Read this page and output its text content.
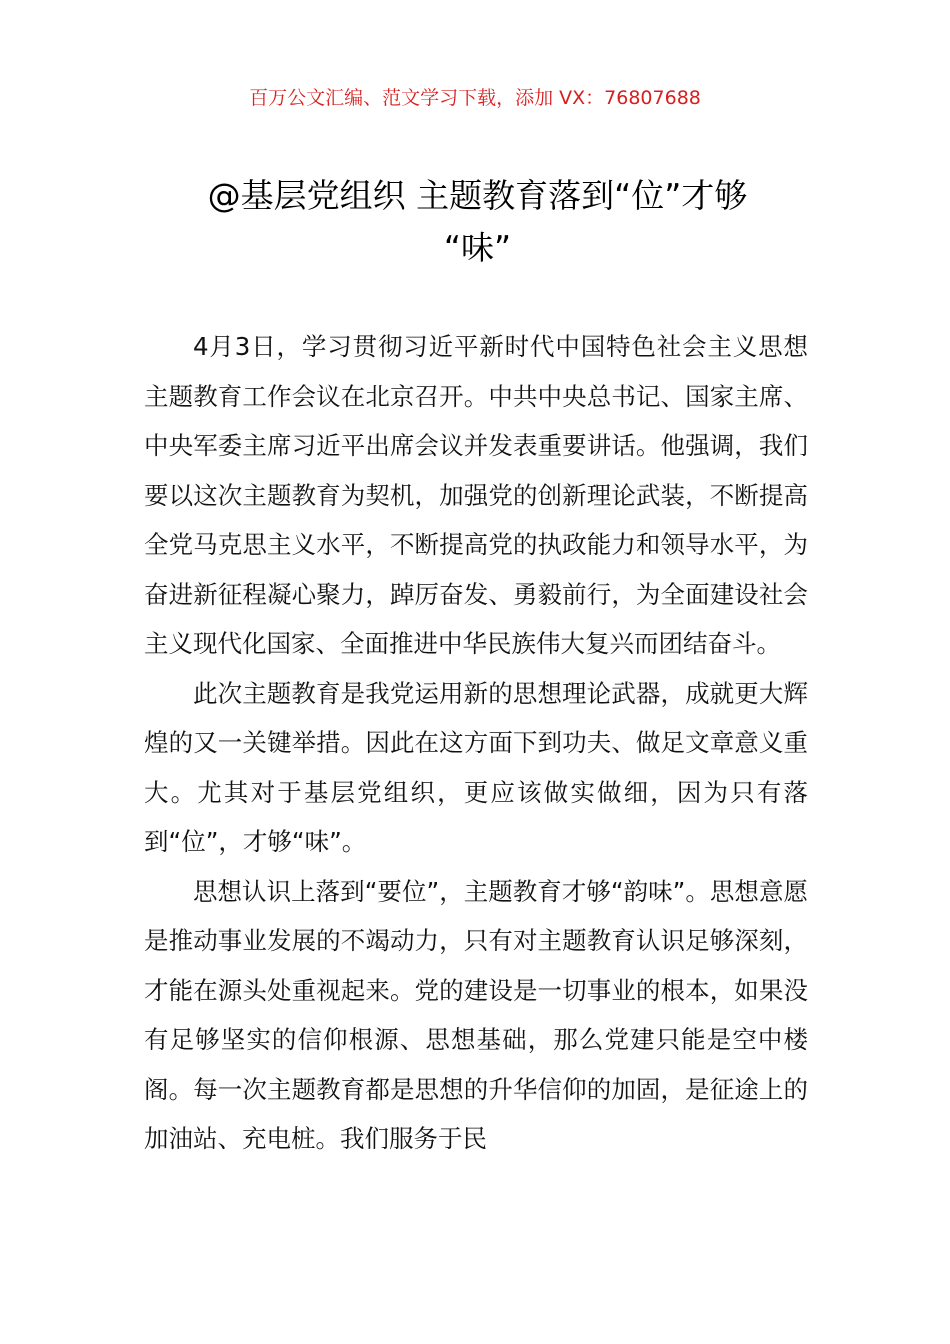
百万公文汇编、范文学习下载，添加 VX：76807688
@基层党组织 主题教育落到“位”才够
“味”

4月3日，学习贯彻习近平新时代中国特色社会主义思想主题教育工作会议在北京召开。中共中央总书记、国家主席、中央军委主席习近平出席会议并发表重要讲话。他强调，我们要以这次主题教育为契机，加强党的创新理论武装，不断提高全党马克思主义水平，不断提高党的执政能力和领导水平，为奋进新征程凝心聚力，踔厉奋发、勇毅前行，为全面建设社会主义现代化国家、全面推进中华民族伟大复兴而团结奋斗。

此次主题教育是我党运用新的思想理论武器，成就更大辉煌的又一关键举措。因此在这方面下到功夫、做足文章意义重大。尤其对于基层党组织，更应该做实做细，因为只有落到“位”，才够“味”。

思想认识上落到“要位”，主题教育才够“韵味”。思想意愿是推动事业发展的不竭动力，只有对主题教育认识足够深刻，才能在源头处重视起来。党的建设是一切事业的根本，如果没有足够坚实的信仰根源、思想基础，那么党建只能是空中楼阁。每一次主题教育都是思想的升华信仰的加固，是征途上的加油站、充电桩。我们服务于民
